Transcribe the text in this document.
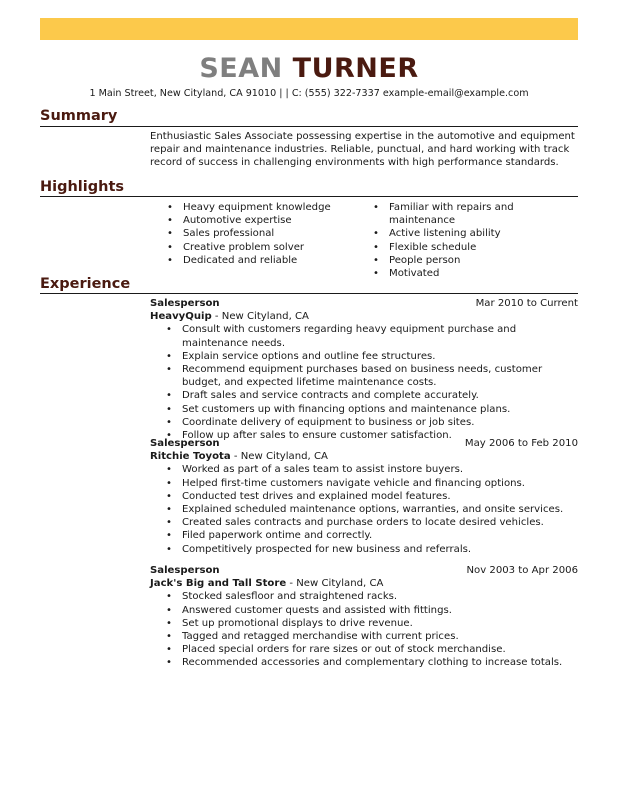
SEAN TURNER
1 Main Street, New Cityland, CA 91010 | | C: (555) 322-7337 example-email@example.com
Summary
Enthusiastic Sales Associate possessing expertise in the automotive and equipment repair and maintenance industries. Reliable, punctual, and hard working with track record of success in challenging environments with high performance standards.
Highlights
• Heavy equipment knowledge
• Automotive expertise
• Sales professional
• Creative problem solver
• Dedicated and reliable
• Familiar with repairs and maintenance
• Active listening ability
• Flexible schedule
• People person
• Motivated
Experience
Salesperson	Mar 2010 to Current
HeavyQuip - New Cityland, CA
• Consult with customers regarding heavy equipment purchase and maintenance needs.
• Explain service options and outline fee structures.
• Recommend equipment purchases based on business needs, customer budget, and expected lifetime maintenance costs.
• Draft sales and service contracts and complete accurately.
• Set customers up with financing options and maintenance plans.
• Coordinate delivery of equipment to business or job sites.
• Follow up after sales to ensure customer satisfaction.
Salesperson	May 2006 to Feb 2010
Ritchie Toyota - New Cityland, CA
• Worked as part of a sales team to assist instore buyers.
• Helped first-time customers navigate vehicle and financing options.
• Conducted test drives and explained model features.
• Explained scheduled maintenance options, warranties, and onsite services.
• Created sales contracts and purchase orders to locate desired vehicles.
• Filed paperwork ontime and correctly.
• Competitively prospected for new business and referrals.
Salesperson	Nov 2003 to Apr 2006
Jack's Big and Tall Store - New Cityland, CA
• Stocked salesfloor and straightened racks.
• Answered customer quests and assisted with fittings.
• Set up promotional displays to drive revenue.
• Tagged and retagged merchandise with current prices.
• Placed special orders for rare sizes or out of stock merchandise.
• Recommended accessories and complementary clothing to increase totals.
